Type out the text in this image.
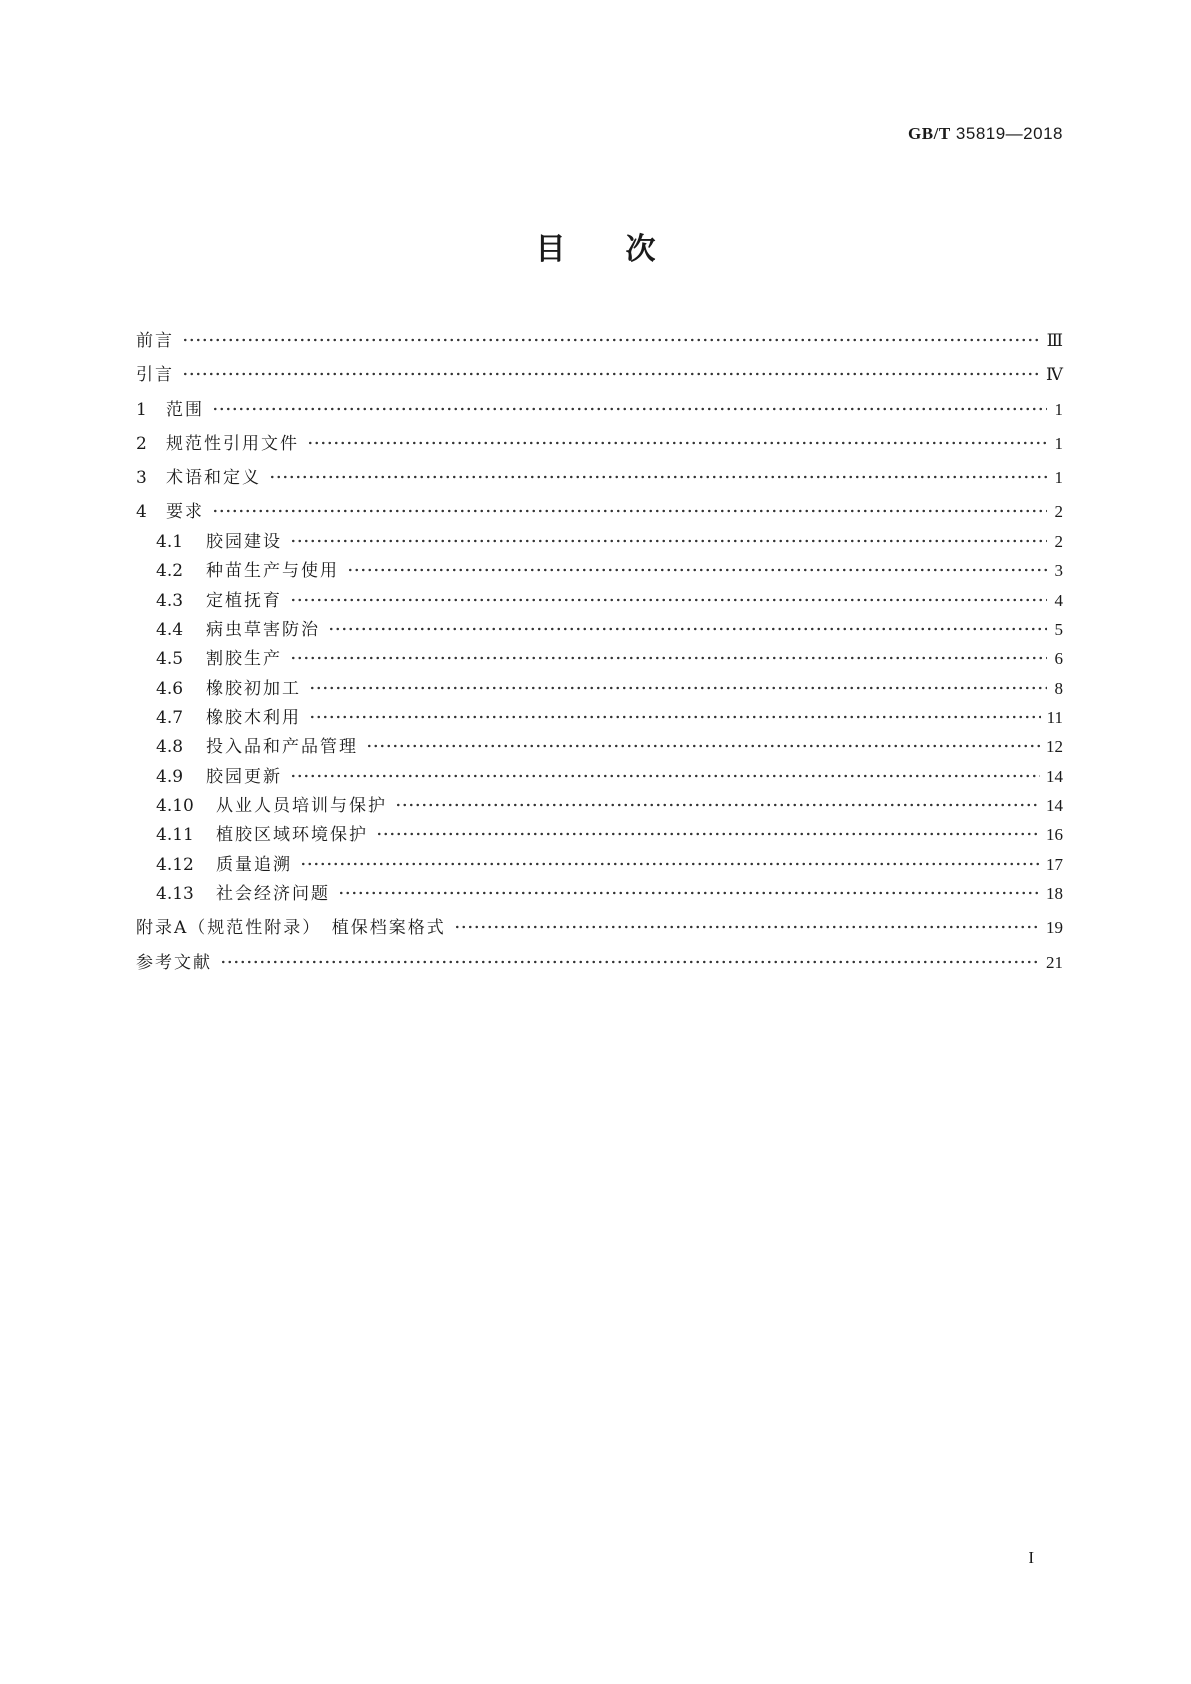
GB/T 35819—2018
目次
前言	Ⅲ
引言	Ⅳ
1	范围	1
2	规范性引用文件	1
3	术语和定义	1
4	要求	2
4.1	胶园建设	2
4.2	种苗生产与使用	3
4.3	定植抚育	4
4.4	病虫草害防治	5
4.5	割胶生产	6
4.6	橡胶初加工	8
4.7	橡胶木利用	11
4.8	投入品和产品管理	12
4.9	胶园更新	14
4.10	从业人员培训与保护	14
4.11	植胶区域环境保护	16
4.12	质量追溯	17
4.13	社会经济问题	18
附录A（规范性附录）　植保档案格式	19
参考文献	21
I
